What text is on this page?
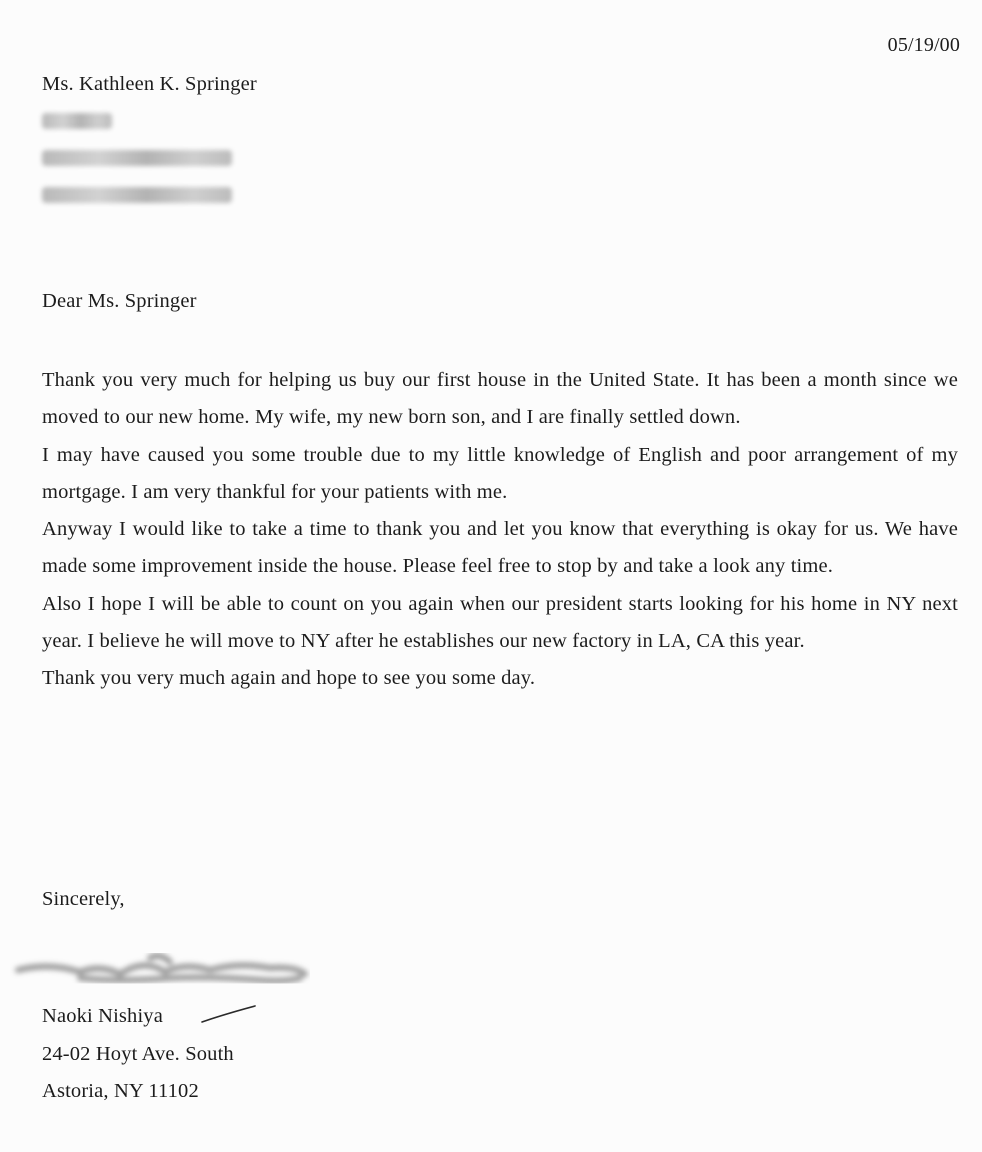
05/19/00
Ms. Kathleen K. Springer
Dear Ms. Springer

Thank you very much for helping us buy our first house in the United State. It has been a month since we moved to our new home. My wife, my new born son, and I are finally settled down.

I may have caused you some trouble due to my little knowledge of English and poor arrangement of my mortgage. I am very thankful for your patients with me.

Anyway I would like to take a time to thank you and let you know that everything is okay for us. We have made some improvement inside the house. Please feel free to stop by and take a look any time.

Also I hope I will be able to count on you again when our president starts looking for his home in NY next year. I believe he will move to NY after he establishes our new factory in LA, CA this year.

Thank you very much again and hope to see you some day.

Sincerely,
Naoki Nishiya
24-02 Hoyt Ave. South
Astoria, NY 11102
